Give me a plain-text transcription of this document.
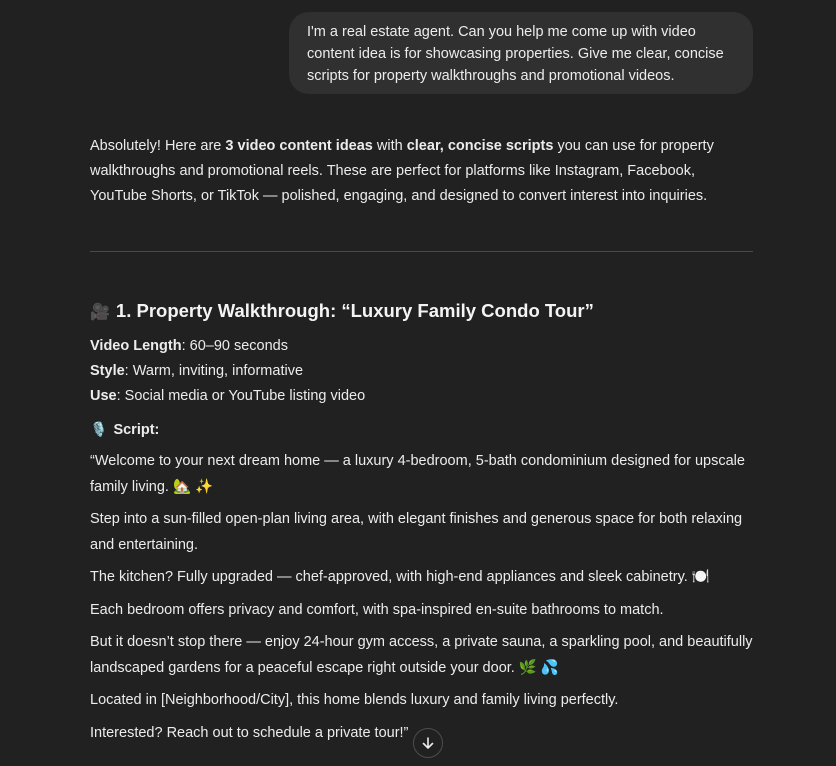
I'm a real estate agent. Can you help me come up with video content idea is for showcasing properties. Give me clear, concise scripts for property walkthroughs and promotional videos.

Absolutely! Here are 3 video content ideas with clear, concise scripts you can use for property walkthroughs and promotional reels. These are perfect for platforms like Instagram, Facebook, YouTube Shorts, or TikTok — polished, engaging, and designed to convert interest into inquiries.

🎥 1. Property Walkthrough: “Luxury Family Condo Tour”
Video Length: 60–90 seconds
Style: Warm, inviting, informative
Use: Social media or YouTube listing video
🎙️ Script:

“Welcome to your next dream home — a luxury 4-bedroom, 5-bath condominium designed for upscale family living. 🏡 ✨

Step into a sun-filled open-plan living area, with elegant finishes and generous space for both relaxing and entertaining.

The kitchen? Fully upgraded — chef-approved, with high-end appliances and sleek cabinetry. 🍽️

Each bedroom offers privacy and comfort, with spa-inspired en-suite bathrooms to match.

But it doesn’t stop there — enjoy 24-hour gym access, a private sauna, a sparkling pool, and beautifully landscaped gardens for a peaceful escape right outside your door. 🌿 💦

Located in [Neighborhood/City], this home blends luxury and family living perfectly.

Interested? Reach out to schedule a private tour!”
